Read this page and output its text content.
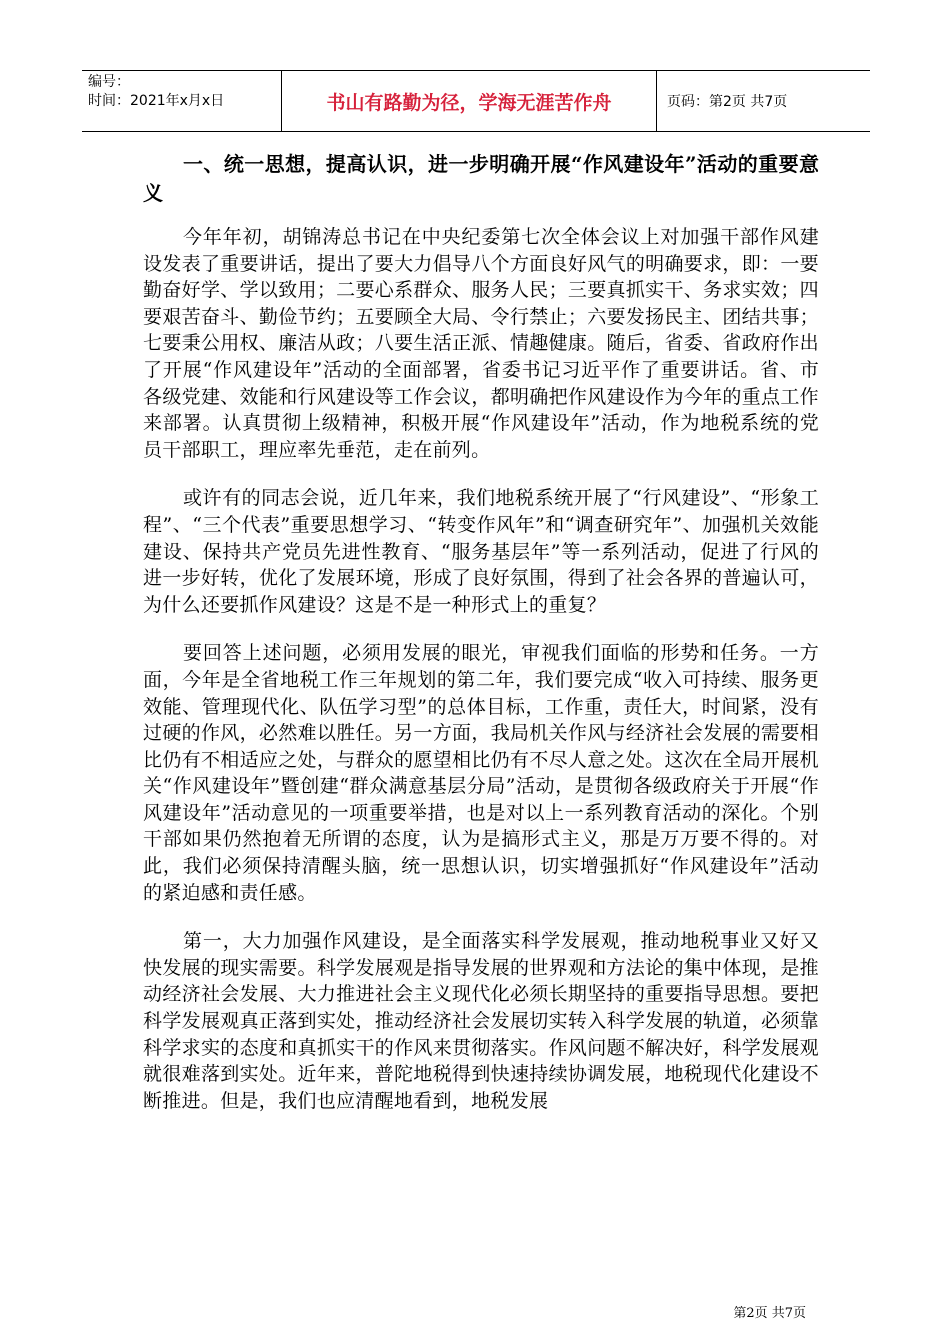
编号：
时间：2021年x月x日	书山有路勤为径，学海无涯苦作舟	页码：第2页 共7页
一、统一思想，提高认识，进一步明确开展“作风建设年”活动的重要意义

今年年初，胡锦涛总书记在中央纪委第七次全体会议上对加强干部作风建设发表了重要讲话，提出了要大力倡导八个方面良好风气的明确要求，即：一要勤奋好学、学以致用；二要心系群众、服务人民；三要真抓实干、务求实效；四要艰苦奋斗、勤俭节约；五要顾全大局、令行禁止；六要发扬民主、团结共事；七要秉公用权、廉洁从政；八要生活正派、情趣健康。随后，省委、省政府作出了开展“作风建设年”活动的全面部署，省委书记习近平作了重要讲话。省、市各级党建、效能和行风建设等工作会议，都明确把作风建设作为今年的重点工作来部署。认真贯彻上级精神，积极开展“作风建设年”活动，作为地税系统的党员干部职工，理应率先垂范，走在前列。

或许有的同志会说，近几年来，我们地税系统开展了“行风建设”、“形象工程”、“三个代表”重要思想学习、“转变作风年”和“调查研究年”、加强机关效能建设、保持共产党员先进性教育、“服务基层年”等一系列活动，促进了行风的进一步好转，优化了发展环境，形成了良好氛围，得到了社会各界的普遍认可，为什么还要抓作风建设？这是不是一种形式上的重复？

要回答上述问题，必须用发展的眼光，审视我们面临的形势和任务。一方面，今年是全省地税工作三年规划的第二年，我们要完成“收入可持续、服务更效能、管理现代化、队伍学习型”的总体目标，工作重，责任大，时间紧，没有过硬的作风，必然难以胜任。另一方面，我局机关作风与经济社会发展的需要相比仍有不相适应之处，与群众的愿望相比仍有不尽人意之处。这次在全局开展机关“作风建设年”暨创建“群众满意基层分局”活动，是贯彻各级政府关于开展“作风建设年”活动意见的一项重要举措，也是对以上一系列教育活动的深化。个别干部如果仍然抱着无所谓的态度，认为是搞形式主义，那是万万要不得的。对此，我们必须保持清醒头脑，统一思想认识，切实增强抓好“作风建设年”活动的紧迫感和责任感。

第一，大力加强作风建设，是全面落实科学发展观，推动地税事业又好又快发展的现实需要。科学发展观是指导发展的世界观和方法论的集中体现，是推动经济社会发展、大力推进社会主义现代化必须长期坚持的重要指导思想。要把科学发展观真正落到实处，推动经济社会发展切实转入科学发展的轨道，必须靠科学求实的态度和真抓实干的作风来贯彻落实。作风问题不解决好，科学发展观就很难落到实处。近年来，普陀地税得到快速持续协调发展，地税现代化建设不断推进。但是，我们也应清醒地看到，地税发展

第2页 共7页
